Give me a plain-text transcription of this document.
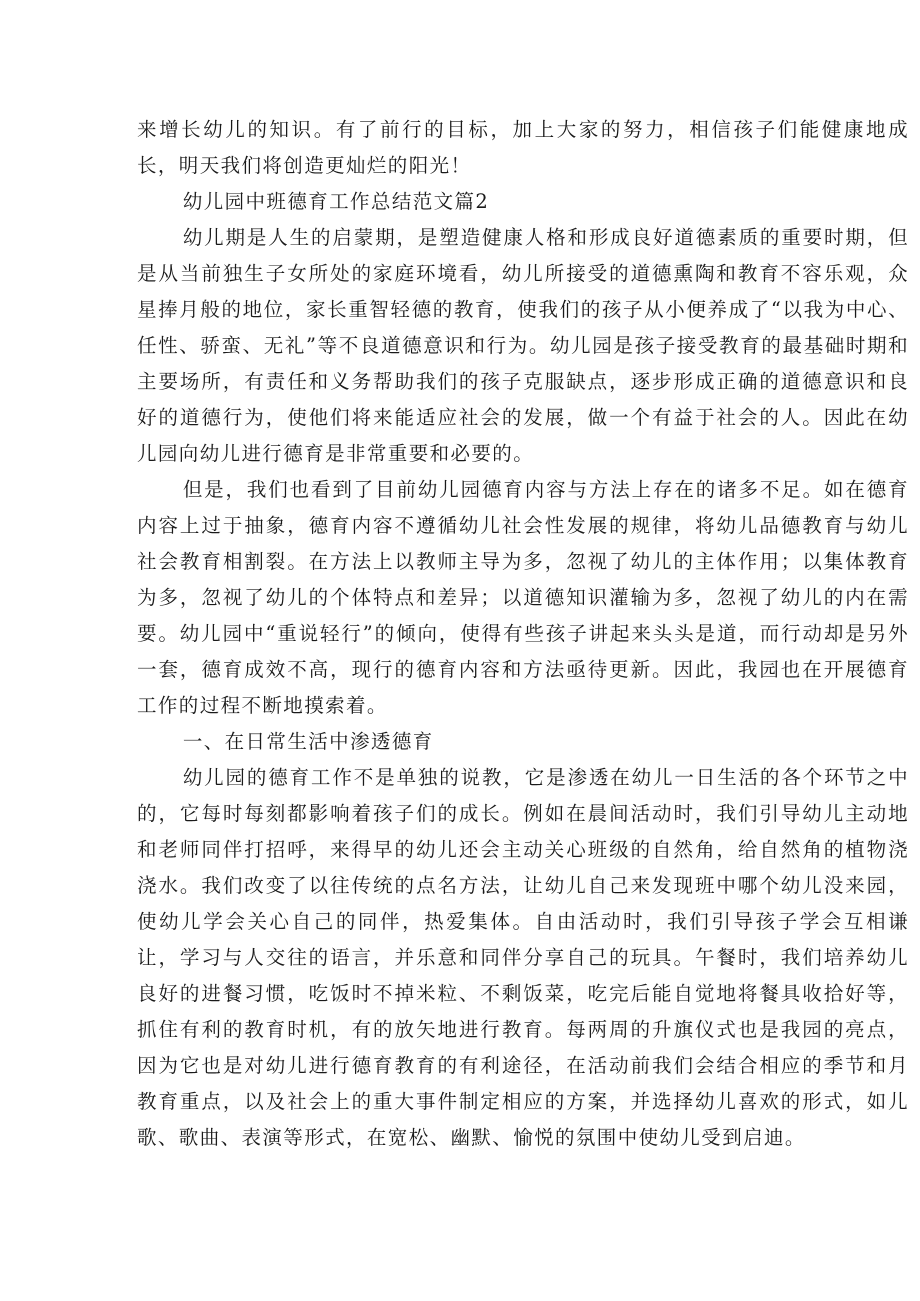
来增长幼儿的知识。有了前行的目标，加上大家的努力，相信孩子们能健康地成长，明天我们将创造更灿烂的阳光！

幼儿园中班德育工作总结范文篇2

幼儿期是人生的启蒙期，是塑造健康人格和形成良好道德素质的重要时期，但是从当前独生子女所处的家庭环境看，幼儿所接受的道德熏陶和教育不容乐观，众星捧月般的地位，家长重智轻德的教育，使我们的孩子从小便养成了“以我为中心、任性、骄蛮、无礼”等不良道德意识和行为。幼儿园是孩子接受教育的最基础时期和主要场所，有责任和义务帮助我们的孩子克服缺点，逐步形成正确的道德意识和良好的道德行为，使他们将来能适应社会的发展，做一个有益于社会的人。因此在幼儿园向幼儿进行德育是非常重要和必要的。

但是，我们也看到了目前幼儿园德育内容与方法上存在的诸多不足。如在德育内容上过于抽象，德育内容不遵循幼儿社会性发展的规律，将幼儿品德教育与幼儿社会教育相割裂。在方法上以教师主导为多，忽视了幼儿的主体作用；以集体教育为多，忽视了幼儿的个体特点和差异；以道德知识灌输为多，忽视了幼儿的内在需要。幼儿园中“重说轻行”的倾向，使得有些孩子讲起来头头是道，而行动却是另外一套，德育成效不高，现行的德育内容和方法亟待更新。因此，我园也在开展德育工作的过程不断地摸索着。

一、在日常生活中渗透德育

幼儿园的德育工作不是单独的说教，它是渗透在幼儿一日生活的各个环节之中的，它每时每刻都影响着孩子们的成长。例如在晨间活动时，我们引导幼儿主动地和老师同伴打招呼，来得早的幼儿还会主动关心班级的自然角，给自然角的植物浇浇水。我们改变了以往传统的点名方法，让幼儿自己来发现班中哪个幼儿没来园，使幼儿学会关心自己的同伴，热爱集体。自由活动时，我们引导孩子学会互相谦让，学习与人交往的语言，并乐意和同伴分享自己的玩具。午餐时，我们培养幼儿良好的进餐习惯，吃饭时不掉米粒、不剩饭菜，吃完后能自觉地将餐具收拾好等，抓住有利的教育时机，有的放矢地进行教育。每两周的升旗仪式也是我园的亮点，因为它也是对幼儿进行德育教育的有利途径，在活动前我们会结合相应的季节和月教育重点，以及社会上的重大事件制定相应的方案，并选择幼儿喜欢的形式，如儿歌、歌曲、表演等形式，在宽松、幽默、愉悦的氛围中使幼儿受到启迪。
